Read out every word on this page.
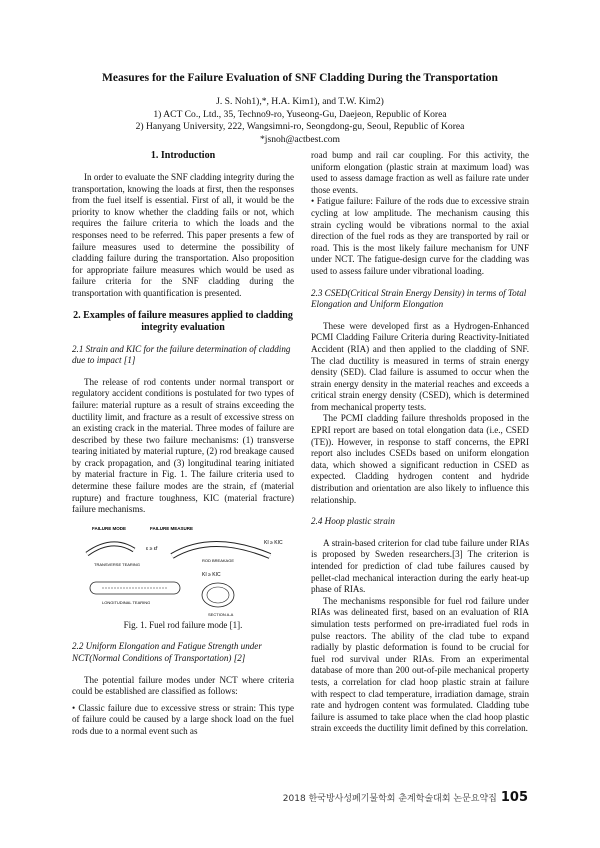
Measures for the Failure Evaluation of SNF Cladding During the Transportation
J. S. Noh1),*, H.A. Kim1), and T.W. Kim2)
1) ACT Co., Ltd., 35, Techno9-ro, Yuseong-Gu, Daejeon, Republic of Korea
2) Hanyang University, 222, Wangsimni-ro, Seongdong-gu, Seoul, Republic of Korea
*jsnoh@actbest.com
1. Introduction

In order to evaluate the SNF cladding integrity during the transportation, knowing the loads at first, then the responses from the fuel itself is essential. First of all, it would be the priority to know whether the cladding fails or not, which requires the failure criteria to which the loads and the responses need to be referred. This paper presents a few of failure measures used to determine the possibility of cladding failure during the transportation. Also proposition for appropriate failure measures which would be used as failure criteria for the SNF cladding during the transportation with quantification is presented.

2. Examples of failure measures applied to cladding integrity evaluation
2.1 Strain and KIC for the failure determination of cladding due to impact [1]

The release of rod contents under normal transport or regulatory accident conditions is postulated for two types of failure: material rupture as a result of strains exceeding the ductility limit, and fracture as a result of excessive stress on an existing crack in the material. Three modes of failure are described by these two failure mechanisms: (1) transverse tearing initiated by material rupture, (2) rod breakage caused by crack propagation, and (3) longitudinal tearing initiated by material fracture in Fig. 1. The failure criteria used to determine these failure modes are the strain, εf (material rupture) and fracture toughness, KIC (material fracture) failure mechanisms.

FAILURE MODE	FAILURE MEASURE
TRANSVERSE TEARING
ε ≥ εf
ROD BREAKAGE
KI ≥ KIC
LONGITUDINAL TEARING
KI ≥ KIC
SECTION A-A
Fig. 1. Fuel rod failure mode [1].
2.2 Uniform Elongation and Fatigue Strength under NCT(Normal Conditions of Transportation) [2]

The potential failure modes under NCT where criteria could be established are classified as follows:

• Classic failure due to excessive stress or strain: This type of failure could be caused by a large shock load on the fuel rods due to a normal event such as

road bump and rail car coupling. For this activity, the uniform elongation (plastic strain at maximum load) was used to assess damage fraction as well as failure rate under those events.

• Fatigue failure: Failure of the rods due to excessive strain cycling at low amplitude. The mechanism causing this strain cycling would be vibrations normal to the axial direction of the fuel rods as they are transported by rail or road. This is the most likely failure mechanism for UNF under NCT. The fatigue-design curve for the cladding was used to assess failure under vibrational loading.

2.3 CSED(Critical Strain Energy Density) in terms of Total Elongation and Uniform Elongation

These were developed first as a Hydrogen-Enhanced PCMI Cladding Failure Criteria during Reactivity-Initiated Accident (RIA) and then applied to the cladding of SNF. The clad ductility is measured in terms of strain energy density (SED). Clad failure is assumed to occur when the strain energy density in the material reaches and exceeds a critical strain energy density (CSED), which is determined from mechanical property tests.

The PCMI cladding failure thresholds proposed in the EPRI report are based on total elongation data (i.e., CSED (TE)). However, in response to staff concerns, the EPRI report also includes CSEDs based on uniform elongation data, which showed a significant reduction in CSED as expected. Cladding hydrogen content and hydride distribution and orientation are also likely to influence this relationship.

2.4 Hoop plastic strain

A strain-based criterion for clad tube failure under RIAs is proposed by Sweden researchers.[3] The criterion is intended for prediction of clad tube failures caused by pellet-clad mechanical interaction during the early heat-up phase of RIAs.

The mechanisms responsible for fuel rod failure under RIAs was delineated first, based on an evaluation of RIA simulation tests performed on pre-irradiated fuel rods in pulse reactors. The ability of the clad tube to expand radially by plastic deformation is found to be crucial for fuel rod survival under RIAs. From an experimental database of more than 200 out-of-pile mechanical property tests, a correlation for clad hoop plastic strain at failure with respect to clad temperature, irradiation damage, strain rate and hydrogen content was formulated. Cladding tube failure is assumed to take place when the clad hoop plastic strain exceeds the ductility limit defined by this correlation.

2018 한국방사성폐기물학회 춘계학술대회 논문요약집 105
